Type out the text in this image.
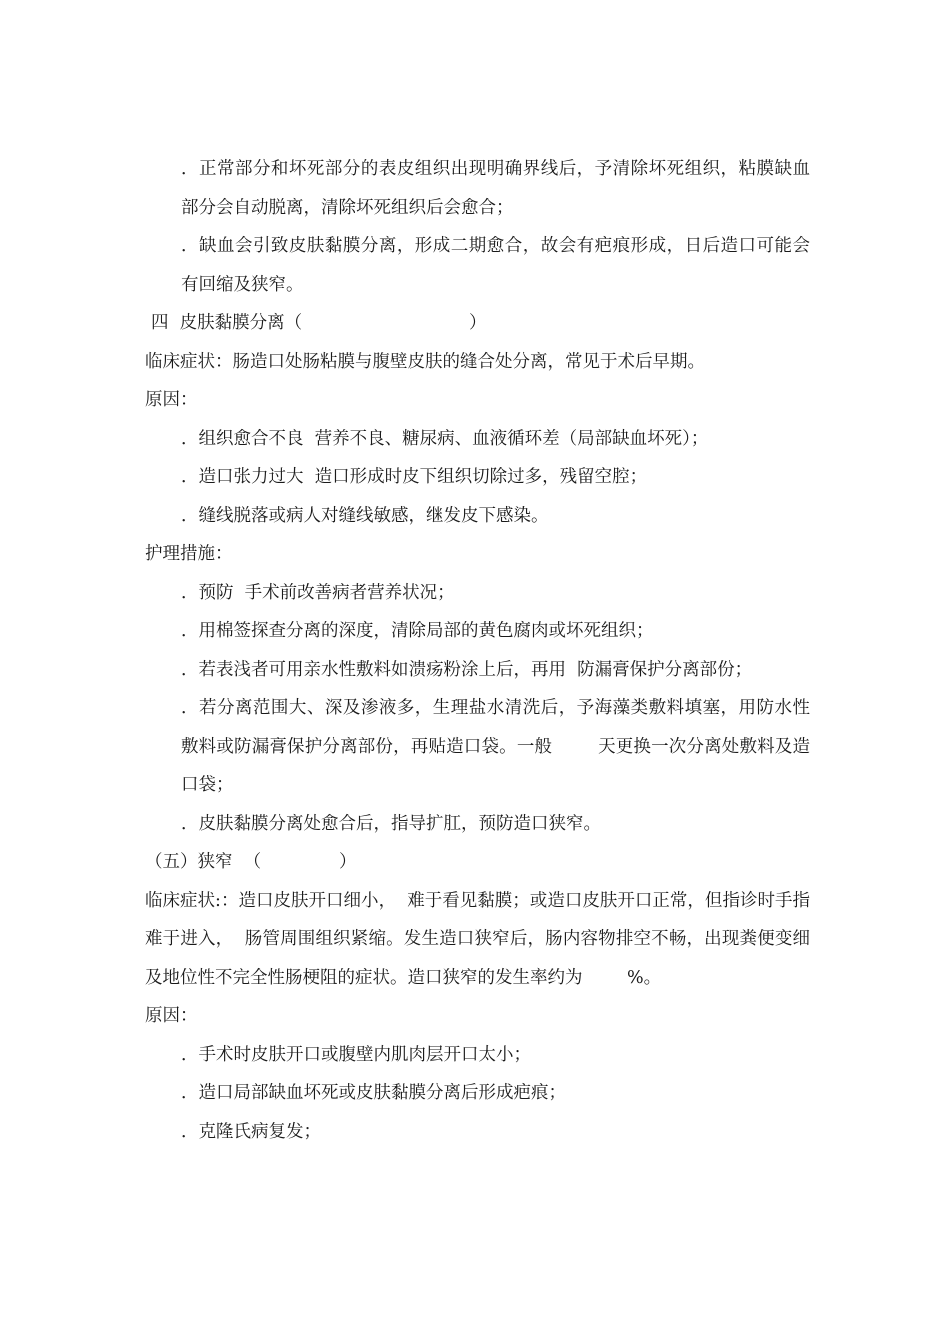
．正常部分和坏死部分的表皮组织出现明确界线后，予清除坏死组织，粘膜缺血部分会自动脱离，清除坏死组织后会愈合；

．缺血会引致皮肤黏膜分离，形成二期愈合，故会有疤痕形成，日后造口可能会有回缩及狭窄。

四  皮肤黏膜分离（                              ）

临床症状：肠造口处肠粘膜与腹壁皮肤的缝合处分离，常见于术后早期。

原因：

．组织愈合不良  营养不良、糖尿病、血液循环差（局部缺血坏死）；

．造口张力过大  造口形成时皮下组织切除过多，残留空腔；

．缝线脱落或病人对缝线敏感，继发皮下感染。

护理措施：

．预防  手术前改善病者营养状况；

．用棉签探查分离的深度，清除局部的黄色腐肉或坏死组织；

．若表浅者可用亲水性敷料如溃疡粉涂上后，再用  防漏膏保护分离部份；

．若分离范围大、深及渗液多，生理盐水清洗后，予海藻类敷料填塞，用防水性敷料或防漏膏保护分离部份，再贴造口袋。一般        天更换一次分离处敷料及造口袋；

．皮肤黏膜分离处愈合后，指导扩肛，预防造口狭窄。

（五）狭窄  （              ）

临床症状:：造口皮肤开口细小，  难于看见黏膜；或造口皮肤开口正常，但指诊时手指难于进入，  肠管周围组织紧缩。发生造口狭窄后，肠内容物排空不畅，出现粪便变细及地位性不完全性肠梗阻的症状。造口狭窄的发生率约为        %。

原因：

．手术时皮肤开口或腹壁内肌肉层开口太小；

．造口局部缺血坏死或皮肤黏膜分离后形成疤痕；

．克隆氏病复发；
